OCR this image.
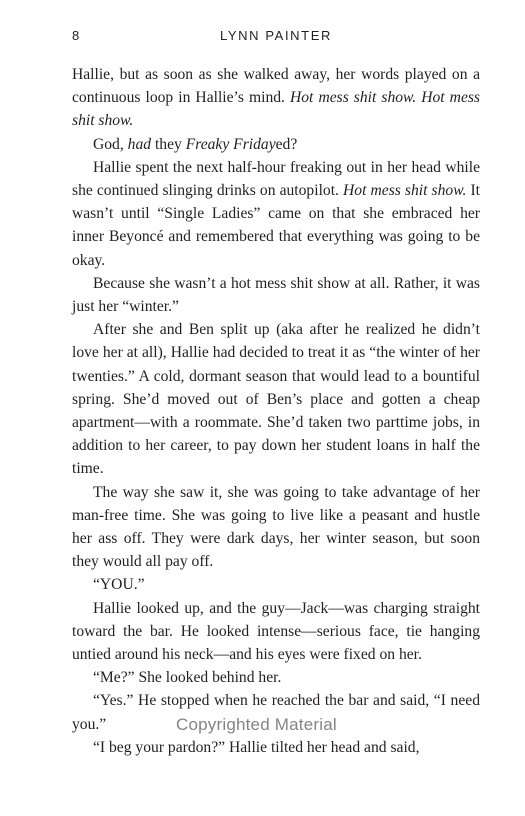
8	LYNN PAINTER

Hallie, but as soon as she walked away, her words played on a continuous loop in Hallie’s mind. Hot mess shit show. Hot mess shit show.

God, had they Freaky Fridayed?

Hallie spent the next half-hour freaking out in her head while she continued slinging drinks on autopilot. Hot mess shit show. It wasn’t until “Single Ladies” came on that she embraced her inner Beyoncé and remembered that everything was going to be okay.

Because she wasn’t a hot mess shit show at all. Rather, it was just her “winter.”

After she and Ben split up (aka after he realized he didn’t love her at all), Hallie had decided to treat it as “the winter of her twenties.” A cold, dormant season that would lead to a bountiful spring. She’d moved out of Ben’s place and gotten a cheap apartment—with a roommate. She’d taken two parttime jobs, in addition to her career, to pay down her student loans in half the time.

The way she saw it, she was going to take advantage of her man-free time. She was going to live like a peasant and hustle her ass off. They were dark days, her winter season, but soon they would all pay off.

“YOU.”

Hallie looked up, and the guy—Jack—was charging straight toward the bar. He looked intense—serious face, tie hanging untied around his neck—and his eyes were fixed on her.

“Me?” She looked behind her.

“Yes.” He stopped when he reached the bar and said, “I need you.”

“I beg your pardon?” Hallie tilted her head and said,

Copyrighted Material
